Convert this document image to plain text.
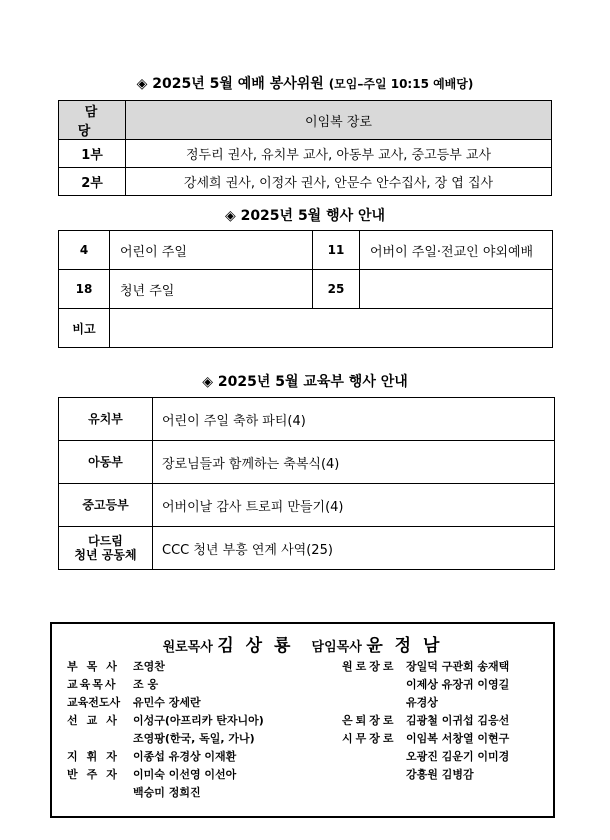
◈ 2025년 5월 예배 봉사위원 (모임–주일 10:15 예배당)
담 당	이임복 장로
1부	정두리 권사, 유치부 교사, 아동부 교사, 중고등부 교사
2부	강세희 권사, 이정자 권사, 안문수 안수집사, 장 엽 집사
◈ 2025년 5월 행사 안내
4	어린이 주일	11	어버이 주일·전교인 야외예배
18	청년 주일	25	
비고			
◈ 2025년 5월 교육부 행사 안내
유치부	어린이 주일 축하 파티(4)
아동부	장로님들과 함께하는 축복식(4)
중고등부	어버이날 감사 트로피 만들기(4)

다드림
청년 공동체	CCC 청년 부흥 연계 사역(25)
원로목사 김 상 룡 담임목사 윤 정 남
부목사 조영찬
교육목사 조 웅
교육전도사 유민수 장세란
선교사 이성구(아프리카 탄자니아)
조영팡(한국, 독일, 가나)
지휘자 이종섭 유경상 이재환
반주자 이미숙 이선영 이선아
백승미 정희진
원로장로 장일덕 구관회 송재택
이제상 유장귀 이영길
유경상
은퇴장로 김광철 이귀섭 김응선
시무장로 이임복 서창열 이현구
오광진 김운기 이미경
강흥원 김병감
